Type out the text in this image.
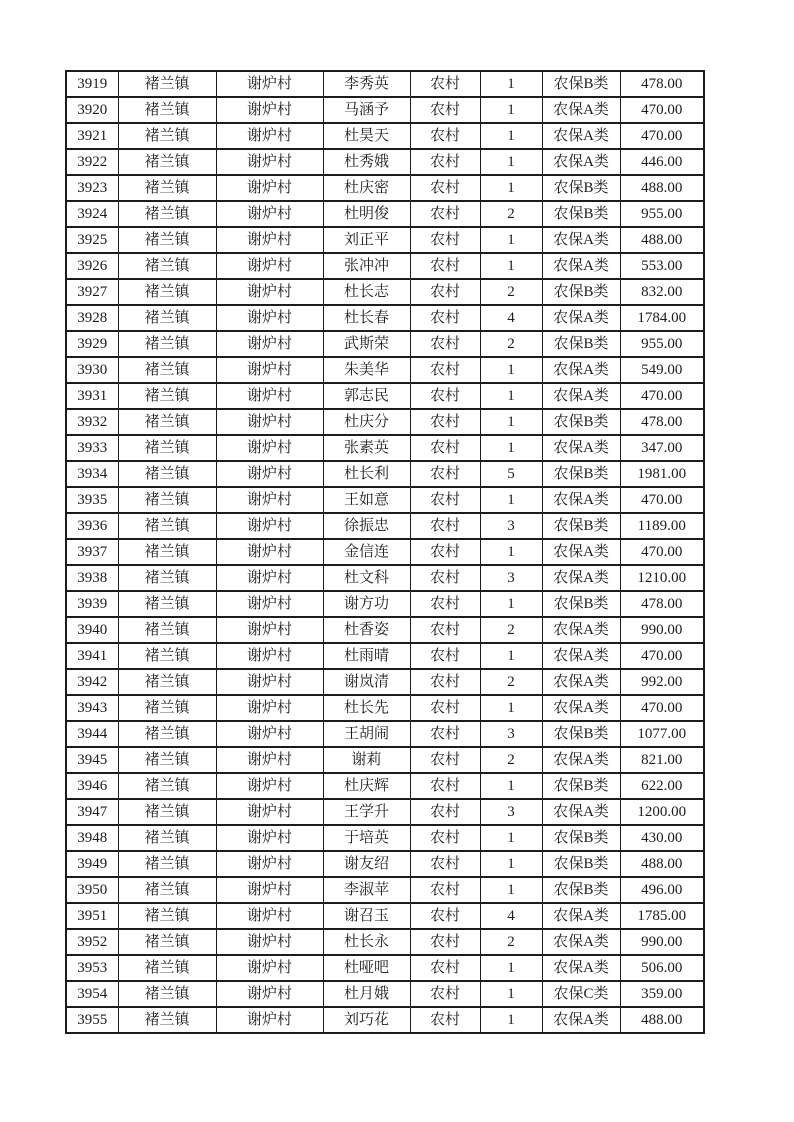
3919	褚兰镇	谢炉村	李秀英	农村	1	农保B类	478.00
3920	褚兰镇	谢炉村	马涵予	农村	1	农保A类	470.00
3921	褚兰镇	谢炉村	杜昊天	农村	1	农保A类	470.00
3922	褚兰镇	谢炉村	杜秀娥	农村	1	农保A类	446.00
3923	褚兰镇	谢炉村	杜庆密	农村	1	农保B类	488.00
3924	褚兰镇	谢炉村	杜明俊	农村	2	农保B类	955.00
3925	褚兰镇	谢炉村	刘正平	农村	1	农保A类	488.00
3926	褚兰镇	谢炉村	张冲冲	农村	1	农保A类	553.00
3927	褚兰镇	谢炉村	杜长志	农村	2	农保B类	832.00
3928	褚兰镇	谢炉村	杜长春	农村	4	农保A类	1784.00
3929	褚兰镇	谢炉村	武斯荣	农村	2	农保B类	955.00
3930	褚兰镇	谢炉村	朱美华	农村	1	农保A类	549.00
3931	褚兰镇	谢炉村	郭志民	农村	1	农保A类	470.00
3932	褚兰镇	谢炉村	杜庆分	农村	1	农保B类	478.00
3933	褚兰镇	谢炉村	张素英	农村	1	农保A类	347.00
3934	褚兰镇	谢炉村	杜长利	农村	5	农保B类	1981.00
3935	褚兰镇	谢炉村	王如意	农村	1	农保A类	470.00
3936	褚兰镇	谢炉村	徐振忠	农村	3	农保B类	1189.00
3937	褚兰镇	谢炉村	金信连	农村	1	农保A类	470.00
3938	褚兰镇	谢炉村	杜文科	农村	3	农保A类	1210.00
3939	褚兰镇	谢炉村	谢方功	农村	1	农保B类	478.00
3940	褚兰镇	谢炉村	杜香姿	农村	2	农保A类	990.00
3941	褚兰镇	谢炉村	杜雨晴	农村	1	农保A类	470.00
3942	褚兰镇	谢炉村	谢岚清	农村	2	农保A类	992.00
3943	褚兰镇	谢炉村	杜长先	农村	1	农保A类	470.00
3944	褚兰镇	谢炉村	王胡闹	农村	3	农保B类	1077.00
3945	褚兰镇	谢炉村	谢莉	农村	2	农保A类	821.00
3946	褚兰镇	谢炉村	杜庆辉	农村	1	农保B类	622.00
3947	褚兰镇	谢炉村	王学升	农村	3	农保A类	1200.00
3948	褚兰镇	谢炉村	于培英	农村	1	农保B类	430.00
3949	褚兰镇	谢炉村	谢友绍	农村	1	农保B类	488.00
3950	褚兰镇	谢炉村	李淑苹	农村	1	农保B类	496.00
3951	褚兰镇	谢炉村	谢召玉	农村	4	农保A类	1785.00
3952	褚兰镇	谢炉村	杜长永	农村	2	农保A类	990.00
3953	褚兰镇	谢炉村	杜哑吧	农村	1	农保A类	506.00
3954	褚兰镇	谢炉村	杜月娥	农村	1	农保C类	359.00
3955	褚兰镇	谢炉村	刘巧花	农村	1	农保A类	488.00
